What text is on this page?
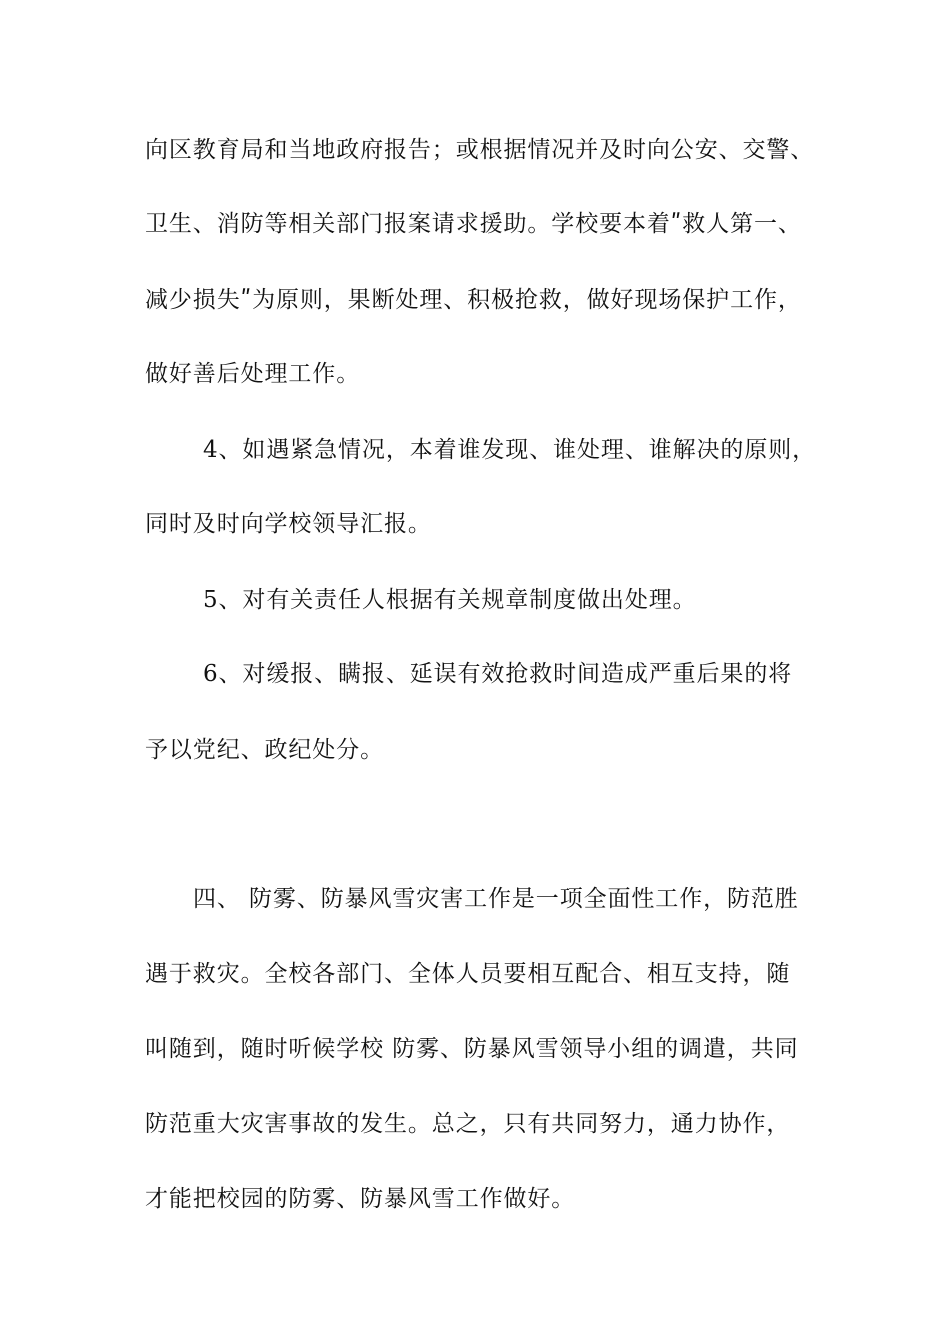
向区教育局和当地政府报告；或根据情况并及时向公安、交警、
卫生、消防等相关部门报案请求援助。学校要本着ʺ救人第一、
减少损失ʺ为原则，果断处理、积极抢救，做好现场保护工作，
做好善后处理工作。
4、如遇紧急情况，本着谁发现、谁处理、谁解决的原则，
同时及时向学校领导汇报。
5、对有关责任人根据有关规章制度做出处理。
6、对缓报、瞒报、延误有效抢救时间造成严重后果的将
予以党纪、政纪处分。
四、 防雾、防暴风雪灾害工作是一项全面性工作，防范胜
遇于救灾。全校各部门、全体人员要相互配合、相互支持，随
叫随到，随时听候学校 防雾、防暴风雪领导小组的调遣，共同
防范重大灾害事故的发生。总之，只有共同努力，通力协作，
才能把校园的防雾、防暴风雪工作做好。
